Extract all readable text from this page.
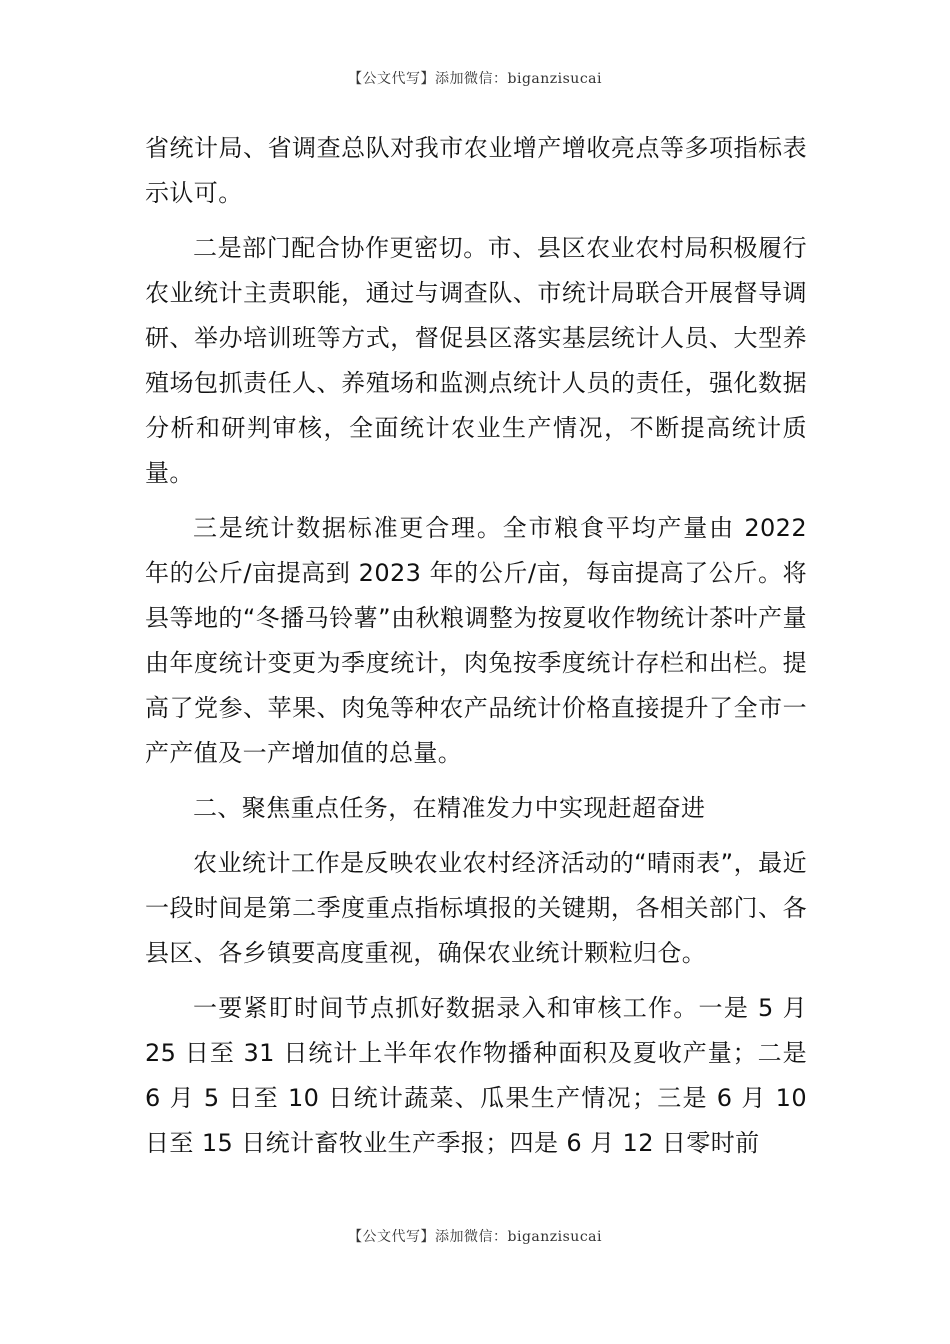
【公文代写】添加微信：biganzisucai

省统计局、省调查总队对我市农业增产增收亮点等多项指标表示认可。

二是部门配合协作更密切。市、县区农业农村局积极履行农业统计主责职能，通过与调查队、市统计局联合开展督导调研、举办培训班等方式，督促县区落实基层统计人员、大型养殖场包抓责任人、养殖场和监测点统计人员的责任，强化数据分析和研判审核，全面统计农业生产情况，不断提高统计质量。

三是统计数据标准更合理。全市粮食平均产量由 2022 年的公斤/亩提高到 2023 年的公斤/亩，每亩提高了公斤。将县等地的“冬播马铃薯”由秋粮调整为按夏收作物统计茶叶产量由年度统计变更为季度统计，肉兔按季度统计存栏和出栏。提高了党参、苹果、肉兔等种农产品统计价格直接提升了全市一产产值及一产增加值的总量。

二、聚焦重点任务，在精准发力中实现赶超奋进

农业统计工作是反映农业农村经济活动的“晴雨表”，最近一段时间是第二季度重点指标填报的关键期，各相关部门、各县区、各乡镇要高度重视，确保农业统计颗粒归仓。

一要紧盯时间节点抓好数据录入和审核工作。一是 5 月 25 日至 31 日统计上半年农作物播种面积及夏收产量；二是 6 月 5 日至 10 日统计蔬菜、瓜果生产情况；三是 6 月 10 日至 15 日统计畜牧业生产季报；四是 6 月 12 日零时前

【公文代写】添加微信：biganzisucai
